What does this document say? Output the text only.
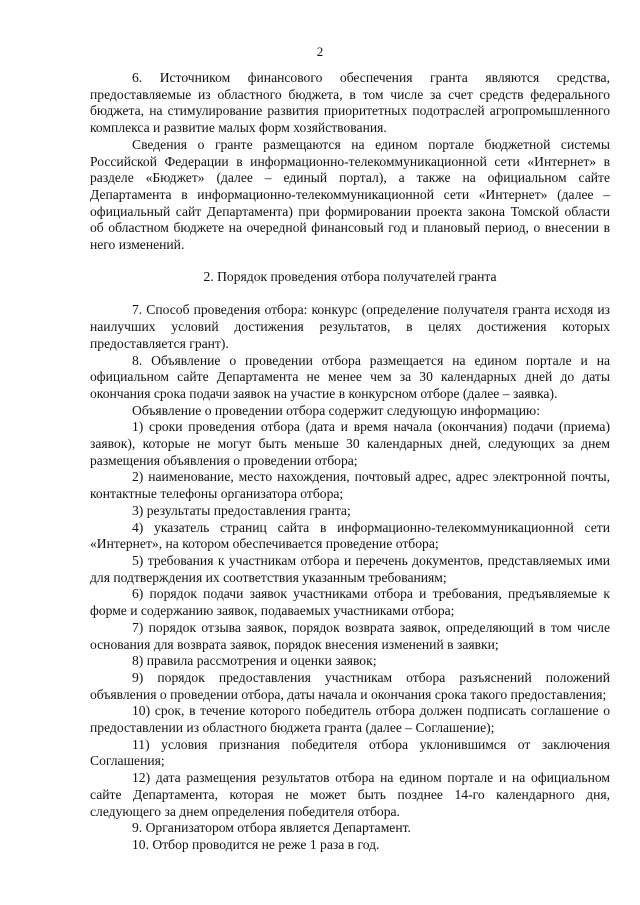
2

6. Источником финансового обеспечения гранта являются средства, предоставляемые из областного бюджета, в том числе за счет средств федерального бюджета, на стимулирование развития приоритетных подотраслей агропромышленного комплекса и развитие малых форм хозяйствования.

Сведения о гранте размещаются на едином портале бюджетной системы Российской Федерации в информационно-телекоммуникационной сети «Интернет» в разделе «Бюджет» (далее – единый портал), а также на официальном сайте Департамента в информационно-телекоммуникационной сети «Интернет» (далее – официальный сайт Департамента) при формировании проекта закона Томской области об областном бюджете на очередной финансовый год и плановый период, о внесении в него изменений.

2. Порядок проведения отбора получателей гранта

7. Способ проведения отбора: конкурс (определение получателя гранта исходя из наилучших условий достижения результатов, в целях достижения которых предоставляется грант).

8. Объявление о проведении отбора размещается на едином портале и на официальном сайте Департамента не менее чем за 30 календарных дней до даты окончания срока подачи заявок на участие в конкурсном отборе (далее – заявка).

Объявление о проведении отбора содержит следующую информацию:

1) сроки проведения отбора (дата и время начала (окончания) подачи (приема) заявок), которые не могут быть меньше 30 календарных дней, следующих за днем размещения объявления о проведении отбора;

2) наименование, место нахождения, почтовый адрес, адрес электронной почты, контактные телефоны организатора отбора;

3) результаты предоставления гранта;

4) указатель страниц сайта в информационно-телекоммуникационной сети «Интернет», на котором обеспечивается проведение отбора;

5) требования к участникам отбора и перечень документов, представляемых ими для подтверждения их соответствия указанным требованиям;

6) порядок подачи заявок участниками отбора и требования, предъявляемые к форме и содержанию заявок, подаваемых участниками отбора;

7) порядок отзыва заявок, порядок возврата заявок, определяющий в том числе основания для возврата заявок, порядок внесения изменений в заявки;

8) правила рассмотрения и оценки заявок;

9) порядок предоставления участникам отбора разъяснений положений объявления о проведении отбора, даты начала и окончания срока такого предоставления;

10) срок, в течение которого победитель отбора должен подписать соглашение о предоставлении из областного бюджета гранта (далее – Соглашение);

11) условия признания победителя отбора уклонившимся от заключения Соглашения;

12) дата размещения результатов отбора на едином портале и на официальном сайте Департамента, которая не может быть позднее 14-го календарного дня, следующего за днем определения победителя отбора.

9. Организатором отбора является Департамент.

10. Отбор проводится не реже 1 раза в год.
